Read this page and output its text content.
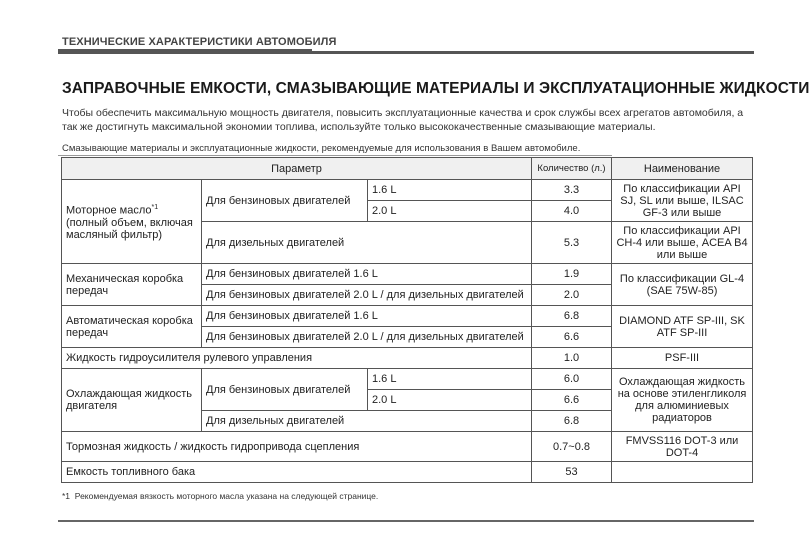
ТЕХНИЧЕСКИЕ ХАРАКТЕРИСТИКИ АВТОМОБИЛЯ
ЗАПРАВОЧНЫЕ ЕМКОСТИ, СМАЗЫВАЮЩИЕ МАТЕРИАЛЫ И ЭКСПЛУАТАЦИОННЫЕ ЖИДКОСТИ
Чтобы обеспечить максимальную мощность двигателя, повысить эксплуатационные качества и срок службы всех агрегатов автомобиля, а так же достигнуть максимальной экономии топлива, используйте только высококачественные смазывающие материалы.
Смазывающие материалы и эксплуатационные жидкости, рекомендуемые для использования в Вашем автомобиле.
Параметр			Количество (л.)	Наименование
Моторное масло$^{*1}$
(полный объем, включая масляный фильтр)	Для бензиновых двигателей	1.6 L	3.3	По классификации API SJ, SL или выше, ILSAC GF-3 или выше
		2.0 L	4.0	
	Для дизельных двигателей		5.3	По классификации API CH-4 или выше, ACEA B4 или выше
Механическая коробка передач	Для бензиновых двигателей 1.6 L		1.9	По классификации GL-4 (SAE 75W-85)
	Для бензиновых двигателей 2.0 L / для дизельных двигателей		2.0	
Автоматическая коробка передач	Для бензиновых двигателей 1.6 L		6.8	DIAMOND ATF SP-III, SK ATF SP-III
	Для бензиновых двигателей 2.0 L / для дизельных двигателей		6.6	
Жидкость гидроусилителя рулевого управления			1.0	PSF-III
Охлаждающая жидкость двигателя	Для бензиновых двигателей	1.6 L	6.0	Охлаждающая жидкость на основе этиленгликоля для алюминиевых радиаторов
		2.0 L	6.6	
	Для дизельных двигателей		6.8	
Тормозная жидкость / жидкость гидропривода сцепления			0.7~0.8	FMVSS116 DOT-3 или DOT-4
Емкость топливного бака			53	
*1 Рекомендуемая вязкость моторного масла указана на следующей странице.
